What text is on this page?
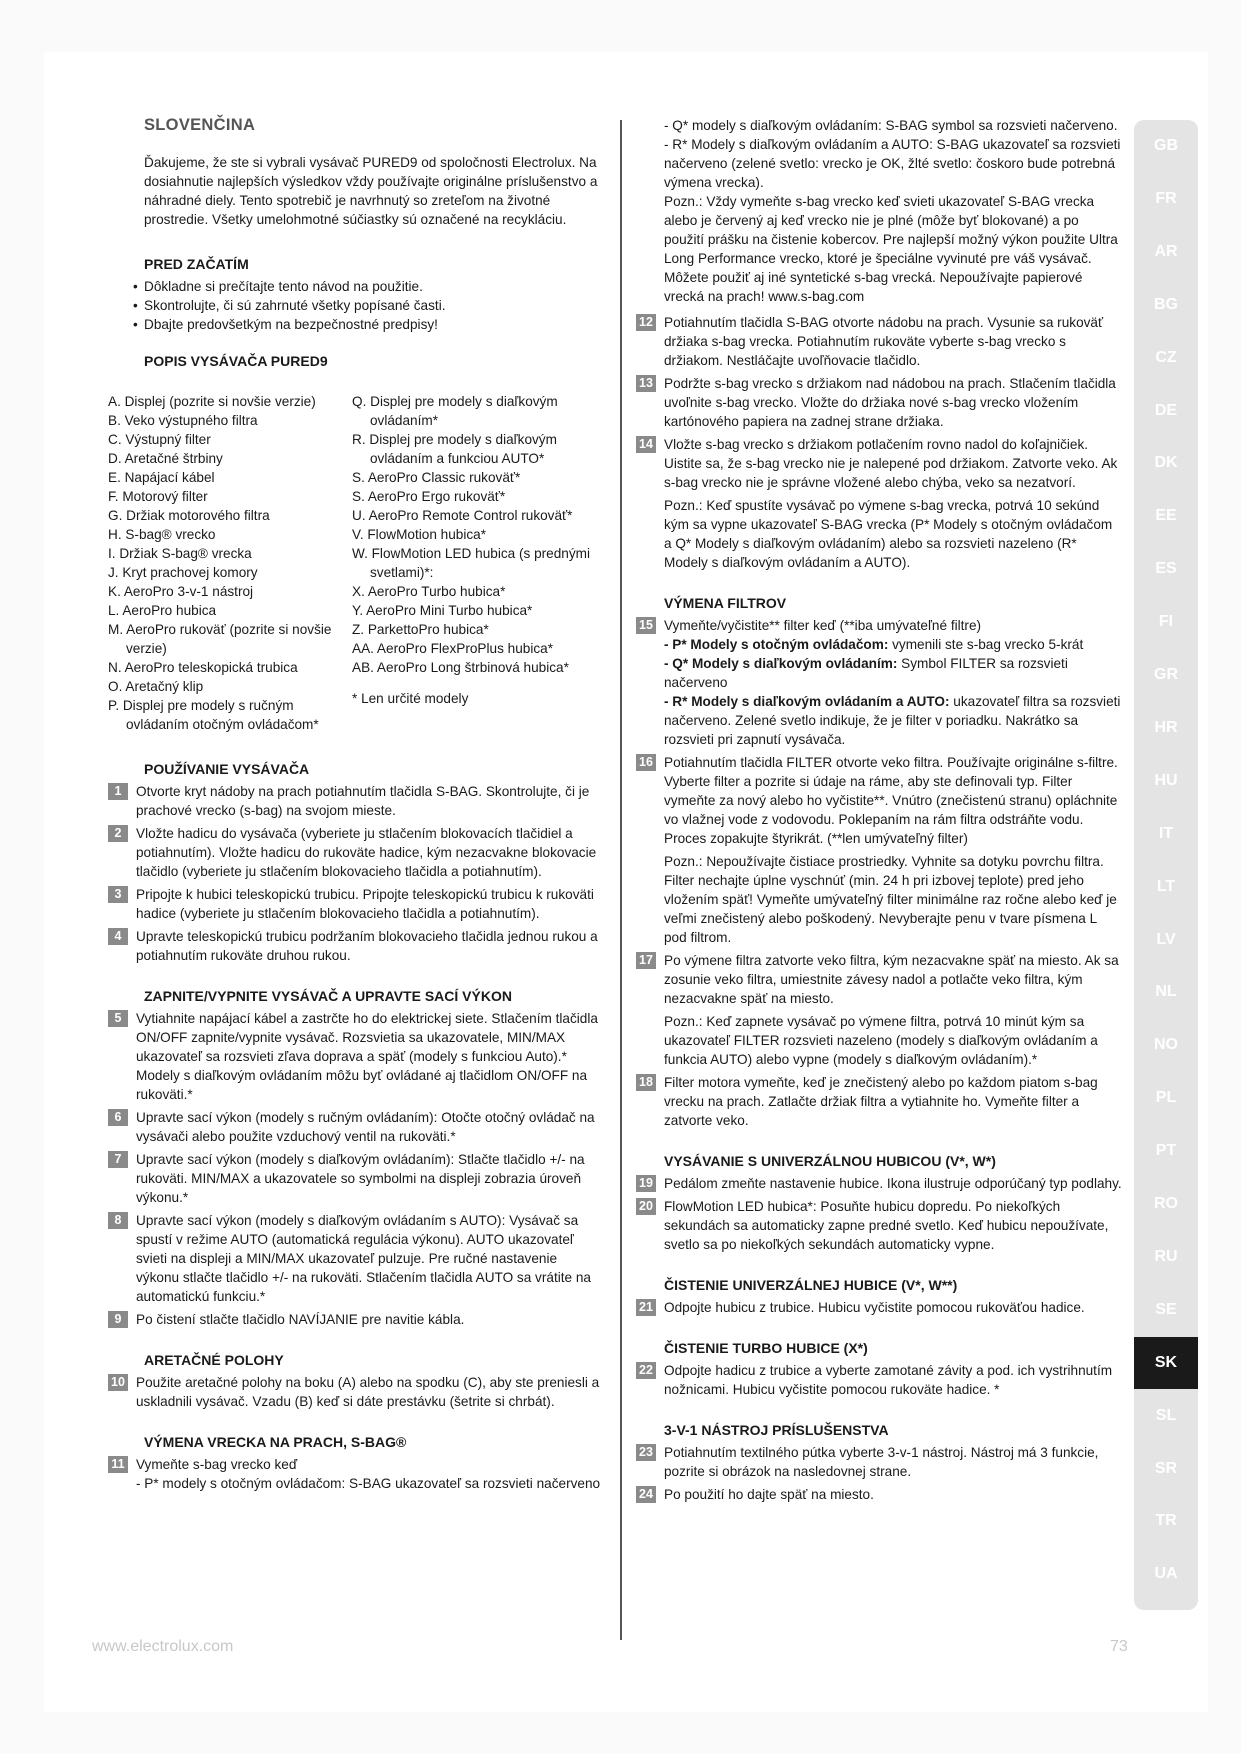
SLOVENČINA

Ďakujeme, že ste si vybrali vysávač PURED9 od spoločnosti Electrolux. Na dosiahnutie najlepších výsledkov vždy používajte originálne príslušenstvo a náhradné diely. Tento spotrebič je navrhnutý so zreteľom na životné prostredie. Všetky umelohmotné súčiastky sú označené na recykláciu.

PRED ZAČATÍM
• Dôkladne si prečítajte tento návod na použitie.
• Skontrolujte, či sú zahrnuté všetky popísané časti.
• Dbajte predovšetkým na bezpečnostné predpisy!
POPIS VYSÁVAČA PURED9
A. Displej (pozrite si novšie verzie)
B. Veko výstupného filtra
C. Výstupný filter
D. Aretačné štrbiny
E. Napájací kábel
F. Motorový filter
G. Držiak motorového filtra
H. S-bag® vrecko
I. Držiak S-bag® vrecka
J. Kryt prachovej komory
K. AeroPro 3-v-1 nástroj
L. AeroPro hubica
M. AeroPro rukoväť (pozrite si novšie verzie)
N. AeroPro teleskopická trubica
O. Aretačný klip
P. Displej pre modely s ručným ovládaním otočným ovládačom*
Q. Displej pre modely s diaľkovým ovládaním*
R. Displej pre modely s diaľkovým ovládaním a funkciou AUTO*
S. AeroPro Classic rukoväť*
S. AeroPro Ergo rukoväť*
U. AeroPro Remote Control rukoväť*
V. FlowMotion hubica*
W. FlowMotion LED hubica (s prednými svetlami)*:
X. AeroPro Turbo hubica*
Y. AeroPro Mini Turbo hubica*
Z. ParkettoPro hubica*
AA. AeroPro FlexProPlus hubica*
AB. AeroPro Long štrbinová hubica*
* Len určité modely
POUŽÍVANIE VYSÁVAČA
1	Otvorte kryt nádoby na prach potiahnutím tlačidla S-BAG. Skontrolujte, či je prachové vrecko (s-bag) na svojom mieste.

2	Vložte hadicu do vysávača (vyberiete ju stlačením blokovacích tlačidiel a potiahnutím). Vložte hadicu do rukoväte hadice, kým nezacvakne blokovacie tlačidlo (vyberiete ju stlačením blokovacieho tlačidla a potiahnutím).

3	Pripojte k hubici teleskopickú trubicu. Pripojte teleskopickú trubicu k rukoväti hadice (vyberiete ju stlačením blokovacieho tlačidla a potiahnutím).

4	Upravte teleskopickú trubicu podržaním blokovacieho tlačidla jednou rukou a potiahnutím rukoväte druhou rukou.

ZAPNITE/VYPNITE VYSÁVAČ A UPRAVTE SACÍ VÝKON
5	Vytiahnite napájací kábel a zastrčte ho do elektrickej siete. Stlačením tlačidla ON/OFF zapnite/vypnite vysávač. Rozsvietia sa ukazovatele, MIN/MAX ukazovateľ sa rozsvieti zľava doprava a späť (modely s funkciou Auto).* Modely s diaľkovým ovládaním môžu byť ovládané aj tlačidlom ON/OFF na rukoväti.*

6	Upravte sací výkon (modely s ručným ovládaním): Otočte otočný ovládač na vysávači alebo použite vzduchový ventil na rukoväti.*

7	Upravte sací výkon (modely s diaľkovým ovládaním): Stlačte tlačidlo +/- na rukoväti. MIN/MAX a ukazovatele so symbolmi na displeji zobrazia úroveň výkonu.*

8	Upravte sací výkon (modely s diaľkovým ovládaním s AUTO): Vysávač sa spustí v režime AUTO (automatická regulácia výkonu). AUTO ukazovateľ svieti na displeji a MIN/MAX ukazovateľ pulzuje. Pre ručné nastavenie výkonu stlačte tlačidlo +/- na rukoväti. Stlačením tlačidla AUTO sa vrátite na automatickú funkciu.*

9	Po čistení stlačte tlačidlo NAVÍJANIE pre navitie kábla.

ARETAČNÉ POLOHY
10 Použite aretačné polohy na boku (A) alebo na spodku (C), aby ste preniesli a uskladnili vysávač. Vzadu (B) keď si dáte prestávku (šetrite si chrbát).

VÝMENA VRECKA NA PRACH, S-BAG®
11 Vymeňte s-bag vrecko keď

- P* modely s otočným ovládačom: S-BAG ukazovateľ sa rozsvieti načerveno

- Q* modely s diaľkovým ovládaním: S-BAG symbol sa rozsvieti načerveno.

- R* Modely s diaľkovým ovládaním a AUTO: S-BAG ukazovateľ sa rozsvieti načerveno (zelené svetlo: vrecko je OK, žlté svetlo: čoskoro bude potrebná výmena vrecka).

Pozn.: Vždy vymeňte s-bag vrecko keď svieti ukazovateľ S-BAG vrecka alebo je červený aj keď vrecko nie je plné (môže byť blokované) a po použití prášku na čistenie kobercov. Pre najlepší možný výkon použite Ultra Long Performance vrecko, ktoré je špeciálne vyvinuté pre váš vysávač. Môžete použiť aj iné syntetické s-bag vrecká. Nepoužívajte papierové vrecká na prach! www.s-bag.com

12 Potiahnutím tlačidla S-BAG otvorte nádobu na prach. Vysunie sa rukoväť držiaka s-bag vrecka. Potiahnutím rukoväte vyberte s-bag vrecko s držiakom. Nestláčajte uvoľňovacie tlačidlo.

13 Podržte s-bag vrecko s držiakom nad nádobou na prach. Stlačením tlačidla uvoľnite s-bag vrecko. Vložte do držiaka nové s-bag vrecko vložením kartónového papiera na zadnej strane držiaka.

14 Vložte s-bag vrecko s držiakom potlačením rovno nadol do koľajničiek. Uistite sa, že s-bag vrecko nie je nalepené pod držiakom. Zatvorte veko. Ak s-bag vrecko nie je správne vložené alebo chýba, veko sa nezatvorí.

Pozn.: Keď spustíte vysávač po výmene s-bag vrecka, potrvá 10 sekúnd kým sa vypne ukazovateľ S-BAG vrecka (P* Modely s otočným ovládačom a Q* Modely s diaľkovým ovládaním) alebo sa rozsvieti nazeleno (R* Modely s diaľkovým ovládaním a AUTO).

VÝMENA FILTROV
15 Vymeňte/vyčistite** filter keď (**iba umývateľné filtre)

- P* Modely s otočným ovládačom: vymenili ste s-bag vrecko 5-krát

- Q* Modely s diaľkovým ovládaním: Symbol FILTER sa rozsvieti načerveno

- R* Modely s diaľkovým ovládaním a AUTO: ukazovateľ filtra sa rozsvieti načerveno. Zelené svetlo indikuje, že je filter v poriadku. Nakrátko sa rozsvieti pri zapnutí vysávača.

16 Potiahnutím tlačidla FILTER otvorte veko filtra. Používajte originálne s-filtre. Vyberte filter a pozrite si údaje na ráme, aby ste definovali typ. Filter vymeňte za nový alebo ho vyčistite**. Vnútro (znečistenú stranu) opláchnite vo vlažnej vode z vodovodu. Poklepaním na rám filtra odstráňte vodu. Proces zopakujte štyrikrát. (**len umývateľný filter)

Pozn.: Nepoužívajte čistiace prostriedky. Vyhnite sa dotyku povrchu filtra. Filter nechajte úplne vyschnúť (min. 24 h pri izbovej teplote) pred jeho vložením späť! Vymeňte umývateľný filter minimálne raz ročne alebo keď je veľmi znečistený alebo poškodený. Nevyberajte penu v tvare písmena L pod filtrom.

17 Po výmene filtra zatvorte veko filtra, kým nezacvakne späť na miesto. Ak sa zosunie veko filtra, umiestnite závesy nadol a potlačte veko filtra, kým nezacvakne späť na miesto.

Pozn.: Keď zapnete vysávač po výmene filtra, potrvá 10 minút kým sa ukazovateľ FILTER rozsvieti nazeleno (modely s diaľkovým ovládaním a funkcia AUTO) alebo vypne (modely s diaľkovým ovládaním).*

18 Filter motora vymeňte, keď je znečistený alebo po každom piatom s-bag vrecku na prach. Zatlačte držiak filtra a vytiahnite ho. Vymeňte filter a zatvorte veko.

VYSÁVANIE S UNIVERZÁLNOU HUBICOU (V*, W*)
19 Pedálom zmeňte nastavenie hubice. Ikona ilustruje odporúčaný typ podlahy.

20 FlowMotion LED hubica*: Posuňte hubicu dopredu. Po niekoľkých sekundách sa automaticky zapne predné svetlo. Keď hubicu nepoužívate, svetlo sa po niekoľkých sekundách automaticky vypne.

ČISTENIE UNIVERZÁLNEJ HUBICE (V*, W**)
21 Odpojte hubicu z trubice. Hubicu vyčistite pomocou rukoväťou hadice.

ČISTENIE TURBO HUBICE (X*)
22 Odpojte hadicu z trubice a vyberte zamotané závity a pod. ich vystrihnutím nožnicami. Hubicu vyčistite pomocou rukoväte hadice. *

3-V-1 NÁSTROJ PRÍSLUŠENSTVA
23 Potiahnutím textilného pútka vyberte 3-v-1 nástroj. Nástroj má 3 funkcie, pozrite si obrázok na nasledovnej strane.

24 Po použití ho dajte späť na miesto.

GB
FR
AR
BG
CZ
DE
DK
EE
ES
FI
GR
HR
HU
IT
LT
LV
NL
NO
PL
PT
RO
RU
SE
SK
SL
SR
TR
UA
www.electrolux.com	73
